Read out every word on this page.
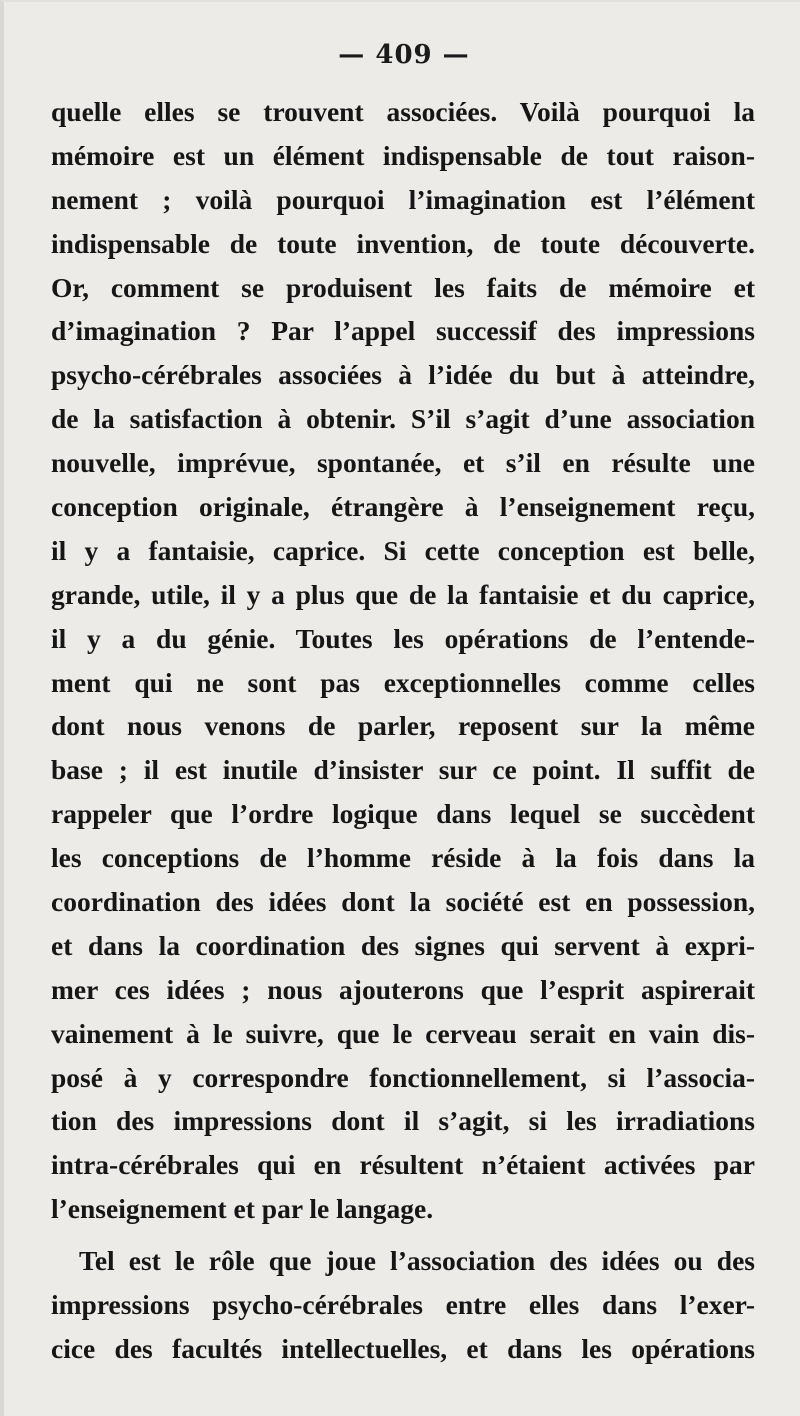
— 409 —
quelle elles se trouvent associées. Voilà pourquoi la
mémoire est un élément indispensable de tout raison-
nement ; voilà pourquoi l’imagination est l’élément
indispensable de toute invention, de toute découverte.
Or, comment se produisent les faits de mémoire et
d’imagination ? Par l’appel successif des impressions
psycho-cérébrales associées à l’idée du but à atteindre,
de la satisfaction à obtenir. S’il s’agit d’une association
nouvelle, imprévue, spontanée, et s’il en résulte une
conception originale, étrangère à l’enseignement reçu,
il y a fantaisie, caprice. Si cette conception est belle,
grande, utile, il y a plus que de la fantaisie et du caprice,
il y a du génie. Toutes les opérations de l’entende-
ment qui ne sont pas exceptionnelles comme celles
dont nous venons de parler, reposent sur la même
base ; il est inutile d’insister sur ce point. Il suffit de
rappeler que l’ordre logique dans lequel se succèdent
les conceptions de l’homme réside à la fois dans la
coordination des idées dont la société est en possession,
et dans la coordination des signes qui servent à expri-
mer ces idées ; nous ajouterons que l’esprit aspirerait
vainement à le suivre, que le cerveau serait en vain dis-
posé à y correspondre fonctionnellement, si l’associa-
tion des impressions dont il s’agit, si les irradiations
intra-cérébrales qui en résultent n’étaient activées par
l’enseignement et par le langage.
Tel est le rôle que joue l’association des idées ou des
impressions psycho-cérébrales entre elles dans l’exer-
cice des facultés intellectuelles, et dans les opérations
